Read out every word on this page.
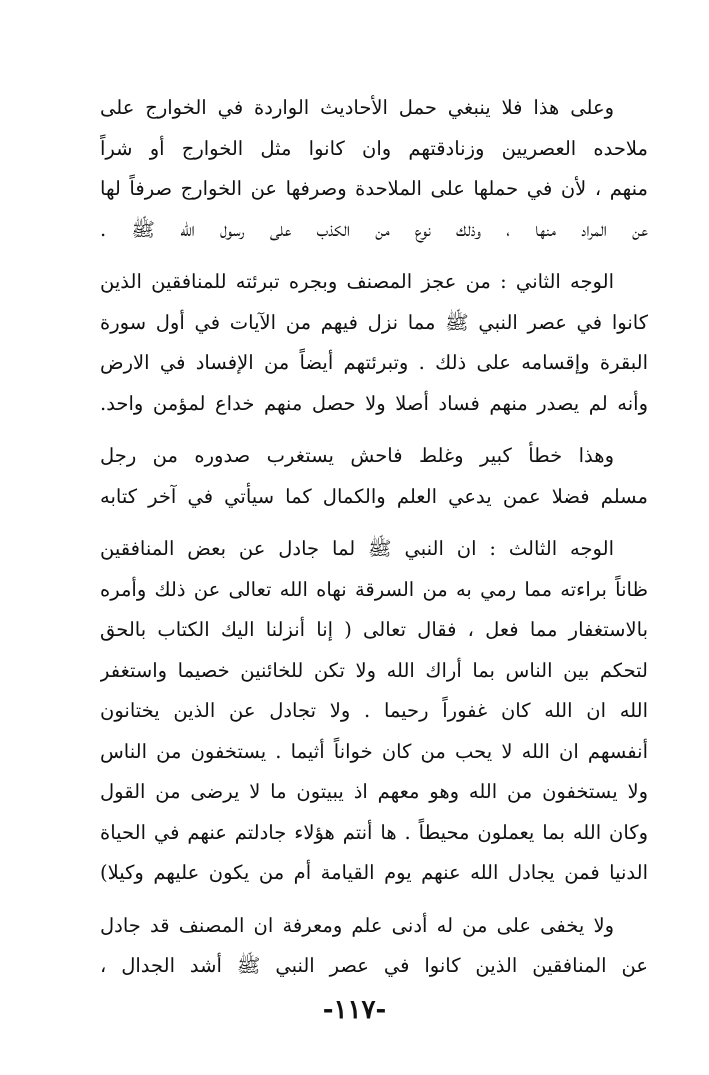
وعلى هذا فلا ينبغي حمل الأحاديث الواردة في الخوارج على
ملاحده العصريين وزنادقتهم وان كانوا مثل الخوارج أو شراً
منهم ، لأن في حملها على الملاحدة وصرفها عن الخوارج صرفاً لها
عن المراد منها ، وذلك نوع من الكذب على رسول الله ﷺ .
الوجه الثاني : من عجز المصنف وبجره تبرئته للمنافقين الذين
كانوا في عصر النبي ﷺ مما نزل فيهم من الآيات في أول سورة
البقرة وإقسامه على ذلك . وتبرئتهم أيضاً من الإفساد في الارض
وأنه لم يصدر منهم فساد أصلا ولا حصل منهم خداع لمؤمن واحد.
وهذا خطأ كبير وغلط فاحش يستغرب صدوره من رجل
مسلم فضلا عمن يدعي العلم والكمال كما سيأتي في آخر كتابه
الوجه الثالث : ان النبي ﷺ لما جادل عن بعض المنافقين
ظاناً براءته مما رمي به من السرقة نهاه الله تعالى عن ذلك وأمره
بالاستغفار مما فعل ، فقال تعالى ( إنا أنزلنا اليك الكتاب بالحق
لتحكم بين الناس بما أراك الله ولا تكن للخائنين خصيما واستغفر
الله ان الله كان غفوراً رحيما . ولا تجادل عن الذين يختانون
أنفسهم ان الله لا يحب من كان خواناً أثيما . يستخفون من الناس
ولا يستخفون من الله وهو معهم اذ يبيتون ما لا يرضى من القول
وكان الله بما يعملون محيطاً . ها أنتم هؤلاء جادلتم عنهم في الحياة
الدنيا فمن يجادل الله عنهم يوم القيامة أم من يكون عليهم وكيلا)
ولا يخفى على من له أدنى علم ومعرفة ان المصنف قد جادل
عن المنافقين الذين كانوا في عصر النبي ﷺ أشد الجدال ،
-١١٧-
